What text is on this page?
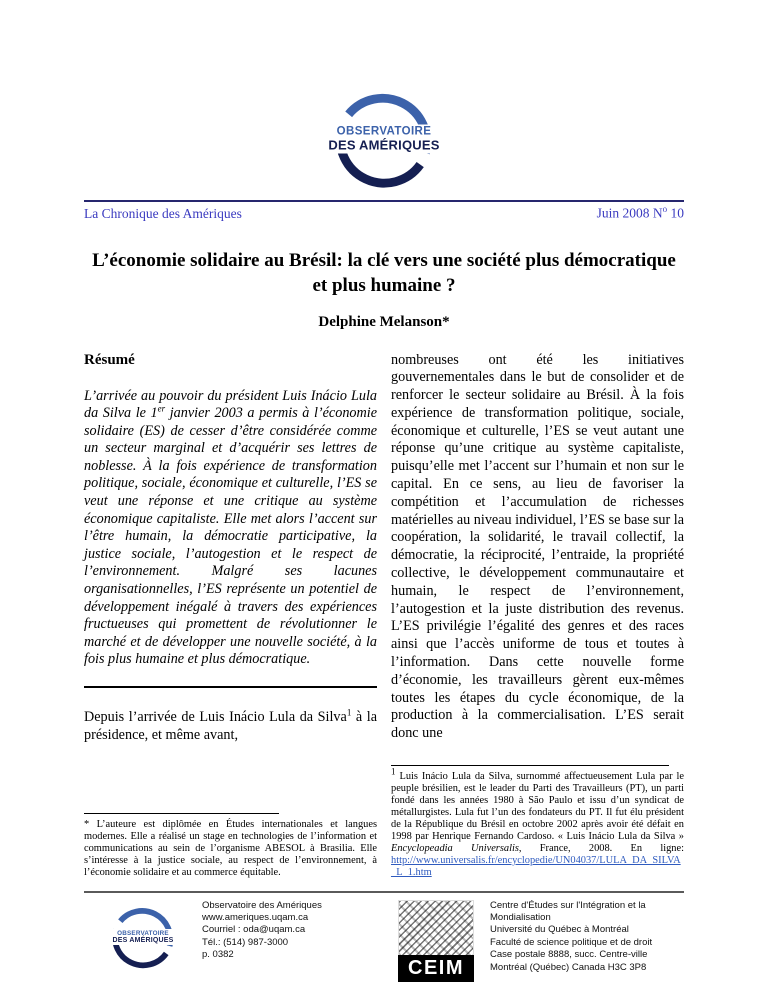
OBSERVATOIRE
DES AMÉRIQUES
La Chronique des Amériques	Juin 2008 $N^o$ 10
L’économie solidaire au Brésil: la clé vers une société plus démocratique et plus humaine ?
Delphine Melanson*
Résumé

L’arrivée au pouvoir du président Luis Inácio Lula da Silva le 1er janvier 2003 a permis à l’économie solidaire (ES) de cesser d’être considérée comme un secteur marginal et d’acquérir ses lettres de noblesse. À la fois expérience de transformation politique, sociale, économique et culturelle, l’ES se veut une réponse et une critique au système économique capitaliste. Elle met alors l’accent sur l’être humain, la démocratie participative, la justice sociale, l’autogestion et le respect de l’environnement. Malgré ses lacunes organisationnelles, l’ES représente un potentiel de développement inégalé à travers des expériences fructueuses qui promettent de révolutionner le marché et de développer une nouvelle société, à la fois plus humaine et plus démocratique.

Depuis l’arrivée de Luis Inácio Lula da Silva$^1$ à la présidence, et même avant,

* L’auteure est diplômée en Études internationales et langues modernes. Elle a réalisé un stage en technologies de l’information et communications au sein de l’organisme ABESOL à Brasilia. Elle s’intéresse à la justice sociale, au respect de l’environnement, à l’économie solidaire et au commerce équitable.

nombreuses ont été les initiatives gouvernementales dans le but de consolider et de renforcer le secteur solidaire au Brésil. À la fois expérience de transformation politique, sociale, économique et culturelle, l’ES se veut autant une réponse qu’une critique au système capitaliste, puisqu’elle met l’accent sur l’humain et non sur le capital. En ce sens, au lieu de favoriser la compétition et l’accumulation de richesses matérielles au niveau individuel, l’ES se base sur la coopération, la solidarité, le travail collectif, la démocratie, la réciprocité, l’entraide, la propriété collective, le développement communautaire et humain, le respect de l’environnement, l’autogestion et la juste distribution des revenus. L’ES privilégie l’égalité des genres et des races ainsi que l’accès uniforme de tous et toutes à l’information. Dans cette nouvelle forme d’économie, les travailleurs gèrent eux-mêmes toutes les étapes du cycle économique, de la production à la commercialisation. L’ES serait donc une

$^1$ Luis Inácio Lula da Silva, surnommé affectueusement Lula par le peuple brésilien, est le leader du Parti des Travailleurs (PT), un parti fondé dans les années 1980 à São Paulo et issu d’un syndicat de métallurgistes. Lula fut l’un des fondateurs du PT. Il fut élu président de la République du Brésil en octobre 2002 après avoir été défait en 1998 par Henrique Fernando Cardoso. « Luis Inácio Lula da Silva » Encyclopeadia Universalis, France, 2008. En ligne: http://www.universalis.fr/encyclopedie/UN04037/LULA_DA_SILVA_L_1.htm

OBSERVATOIRE
DES AMÉRIQUES
Observatoire des Amériques
www.ameriques.uqam.ca
Courriel : oda@uqam.ca
Tél.: (514) 987-3000
p. 0382
CEIM
Centre d'Études sur l'Intégration et la Mondialisation
Université du Québec à Montréal
Faculté de science politique et de droit
Case postale 8888, succ. Centre-ville
Montréal (Québec) Canada H3C 3P8
